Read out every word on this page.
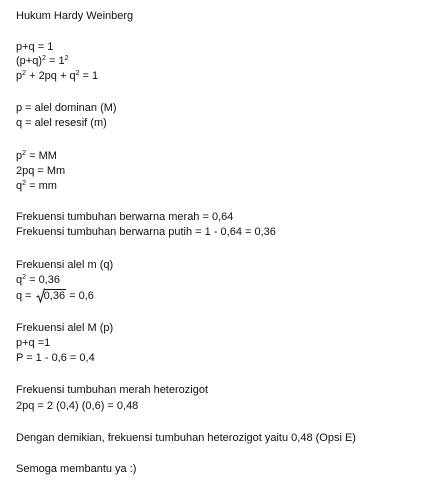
Hukum Hardy Weinberg
p+q = 1
$(p+q)^2 = 1^2$
$p^2 + 2pq + q^2 = 1$
p = alel dominan (M)
q = alel resesif (m)
$p^2$ = MM
2pq = Mm
$q^2$ = mm
Frekuensi tumbuhan berwarna merah = 0,64
Frekuensi tumbuhan berwarna putih = 1 - 0,64 = 0,36
Frekuensi alel m (q)
$q^2 = 0,36$
q =
0,36 = 0,6
Frekuensi alel M (p)
p+q =1
P = 1 - 0,6 = 0,4
Frekuensi tumbuhan merah heterozigot
2pq = 2 (0,4) (0,6) = 0,48
Dengan demikian, frekuensi tumbuhan heterozigot yaitu 0,48 (Opsi E)
Semoga membantu ya :)
